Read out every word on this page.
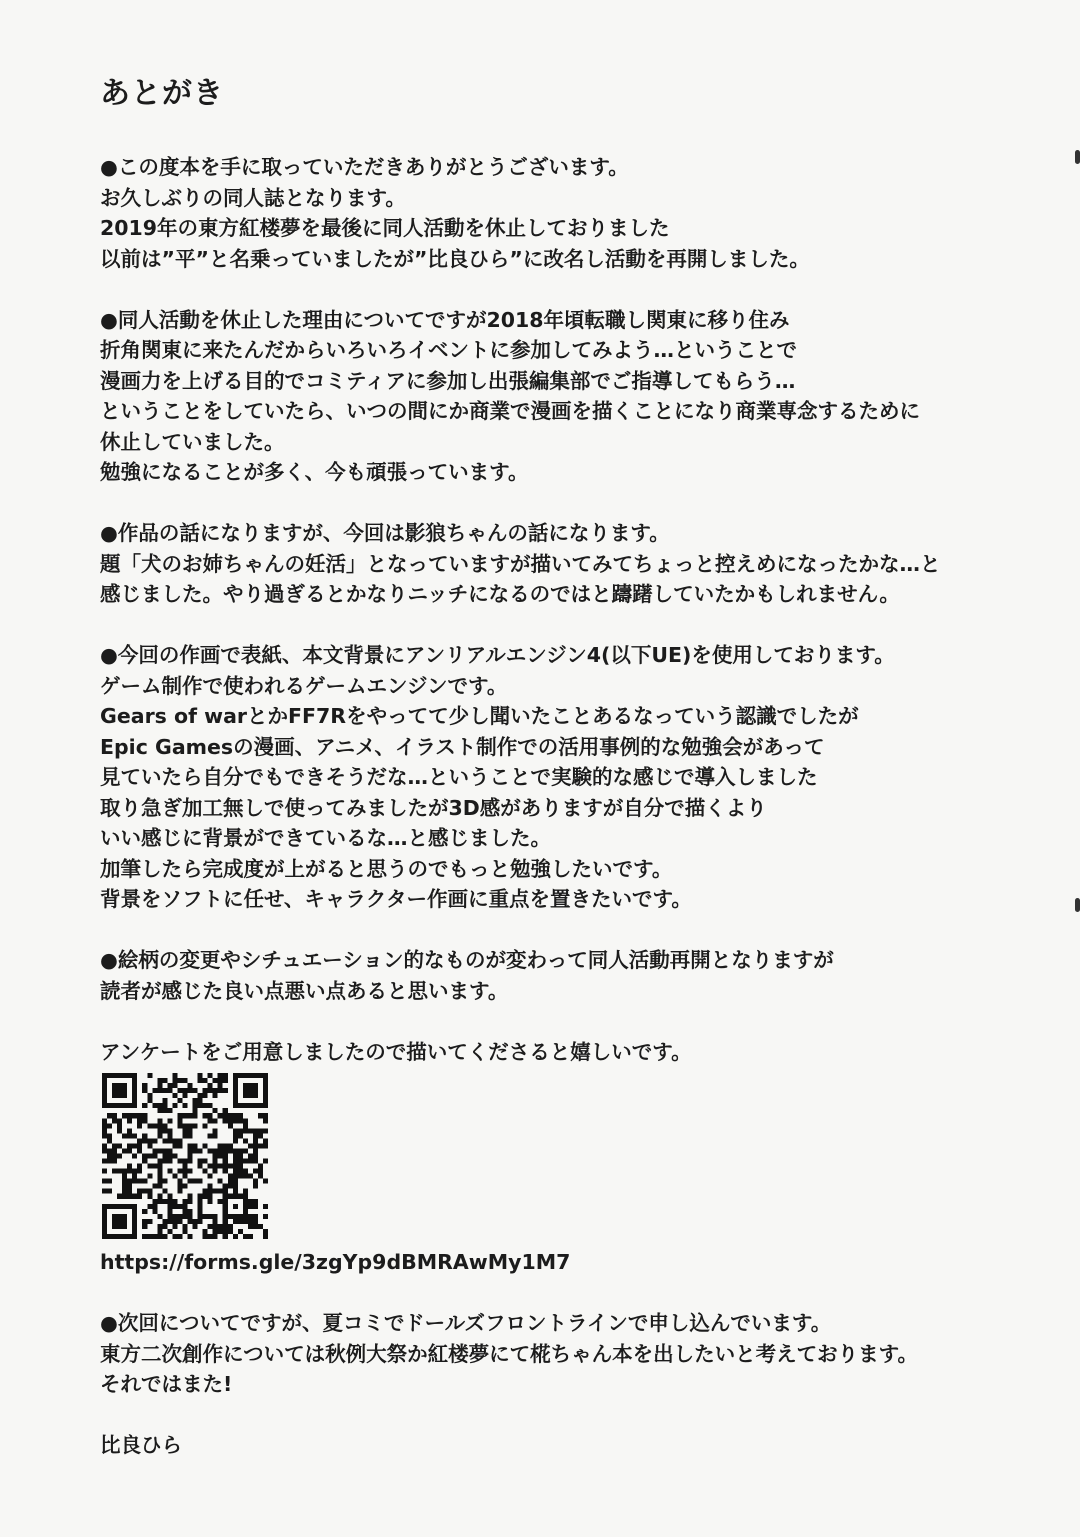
あとがき
●この度本を手に取っていただきありがとうございます。
お久しぶりの同人誌となります。
2019年の東方紅楼夢を最後に同人活動を休止しておりました
以前は”平”と名乗っていましたが”比良ひら”に改名し活動を再開しました。
●同人活動を休止した理由についてですが2018年頃転職し関東に移り住み
折角関東に来たんだからいろいろイベントに参加してみよう…ということで
漫画力を上げる目的でコミティアに参加し出張編集部でご指導してもらう…
ということをしていたら、いつの間にか商業で漫画を描くことになり商業専念するために
休止していました。
勉強になることが多く、今も頑張っています。
●作品の話になりますが、今回は影狼ちゃんの話になります。
題「犬のお姉ちゃんの妊活」となっていますが描いてみてちょっと控えめになったかな…と
感じました。やり過ぎるとかなりニッチになるのではと躊躇していたかもしれません。
●今回の作画で表紙、本文背景にアンリアルエンジン4(以下UE)を使用しております。
ゲーム制作で使われるゲームエンジンです。
Gears of warとかFF7Rをやってて少し聞いたことあるなっていう認識でしたが
Epic Gamesの漫画、アニメ、イラスト制作での活用事例的な勉強会があって
見ていたら自分でもできそうだな…ということで実験的な感じで導入しました
取り急ぎ加工無しで使ってみましたが3D感がありますが自分で描くより
いい感じに背景ができているな…と感じました。
加筆したら完成度が上がると思うのでもっと勉強したいです。
背景をソフトに任せ、キャラクター作画に重点を置きたいです。
●絵柄の変更やシチュエーション的なものが変わって同人活動再開となりますが
読者が感じた良い点悪い点あると思います。
アンケートをご用意しましたので描いてくださると嬉しいです。
https://forms.gle/3zgYp9dBMRAwMy1M7
●次回についてですが、夏コミでドールズフロントラインで申し込んでいます。
東方二次創作については秋例大祭か紅楼夢にて椛ちゃん本を出したいと考えております。
それではまた!
比良ひら
